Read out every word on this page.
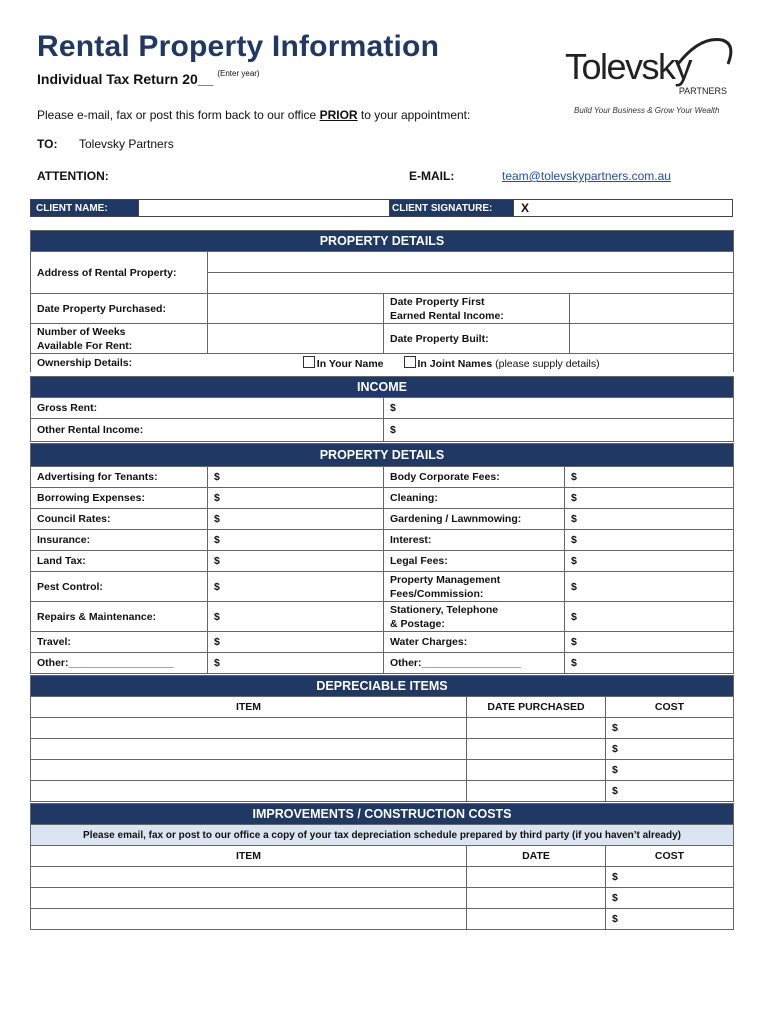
Rental Property Information
Individual Tax Return 20__ $^{(Enter year)}$
Please e-mail, fax or post this form back to our office PRIOR to your appointment:
TO: Tolevsky Partners
ATTENTION:	E-MAIL:	team@tolevskypartners.com.au
Tolevsky
PARTNERS
Build Your Business & Grow Your Wealth
CLIENT NAME:	CLIENT SIGNATURE:	X
PROPERTY DETAILS			
Address of Rental Property:			

Date Property Purchased:		Date Property First
Earned Rental Income:	
Number of Weeks
Available For Rent:		Date Property Built:	
Ownership Details:	In Your Name	In Joint Names (please supply details)	
INCOME	
Gross Rent:	$
Other Rental Income:	$
PROPERTY DETAILS			
Advertising for Tenants:	$	Body Corporate Fees:	$
Borrowing Expenses:	$	Cleaning:	$
Council Rates:	$	Gardening / Lawnmowing:	$
Insurance:	$	Interest:	$
Land Tax:	$	Legal Fees:	$
Pest Control:	$	Property Management
Fees/Commission:	$
Repairs & Maintenance:	$	Stationery, Telephone
& Postage:	$
Travel:	$	Water Charges:	$
Other:__________________	$	Other:_________________	$
DEPRECIABLE ITEMS		
ITEM	DATE PURCHASED	COST
		$
		$
		$
		$
IMPROVEMENTS / CONSTRUCTION COSTS		
Please email, fax or post to our office a copy of your tax depreciation schedule prepared by third party (if you haven’t already)		
ITEM	DATE	COST
		$
		$
		$
